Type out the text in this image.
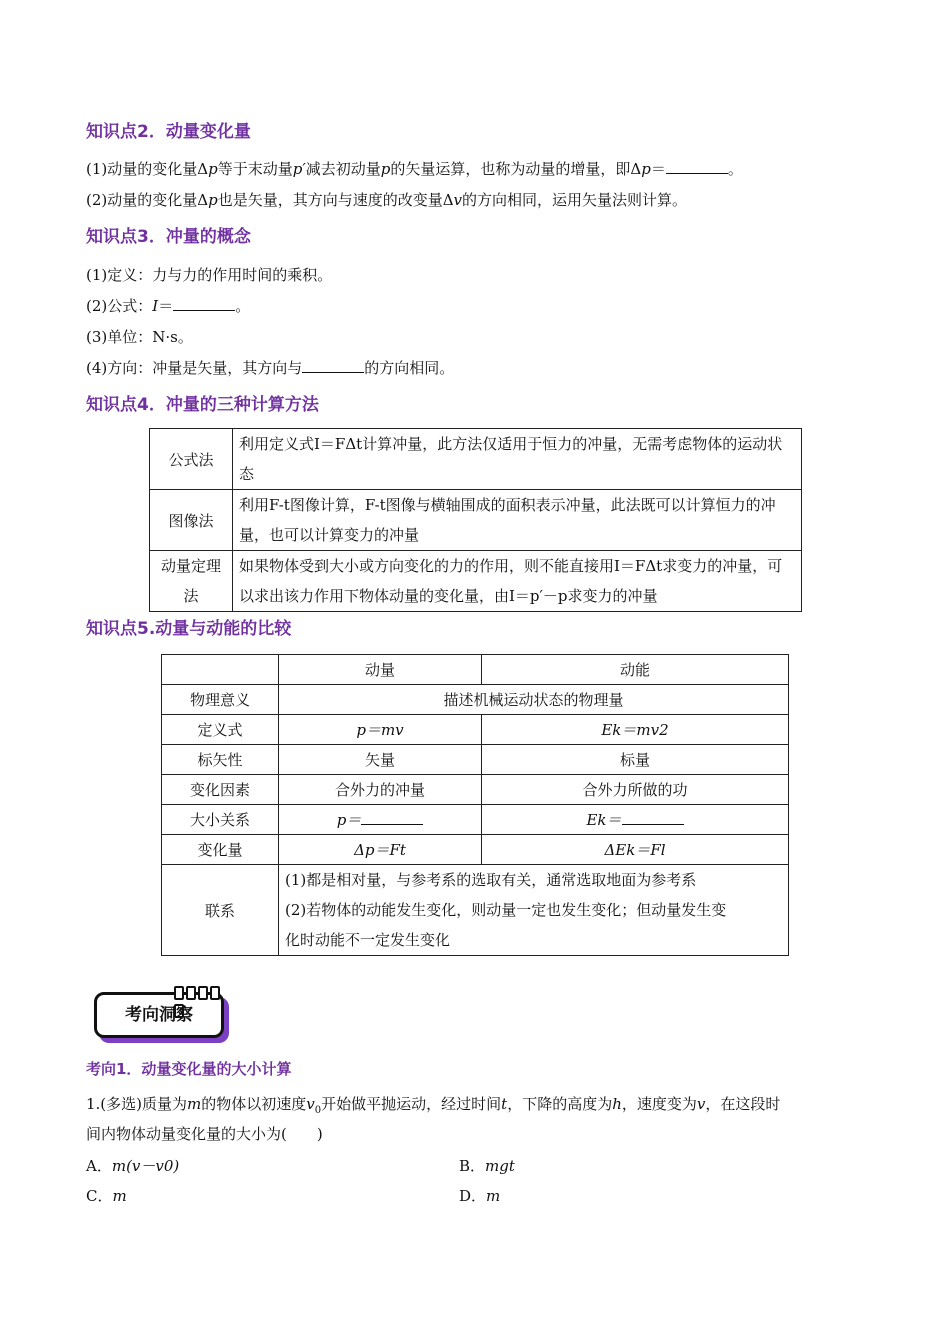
知识点2．动量变化量
(1)动量的变化量Δp等于末动量p′减去初动量p的矢量运算，也称为动量的增量，即Δp＝	。
(2)动量的变化量Δp也是矢量，其方向与速度的改变量Δv的方向相同，运用矢量法则计算。
知识点3．冲量的概念
(1)定义：力与力的作用时间的乘积。
(2)公式：I＝	。
(3)单位：N·s。
(4)方向：冲量是矢量，其方向与	的方向相同。
知识点4．冲量的三种计算方法
公式法	利用定义式I＝FΔt计算冲量，此方法仅适用于恒力的冲量，无需考虑物体的运动状态
图像法	利用F-t图像计算，F-t图像与横轴围成的面积表示冲量，此法既可以计算恒力的冲量，也可以计算变力的冲量
动量定理法	如果物体受到大小或方向变化的力的作用，则不能直接用I＝FΔt求变力的冲量，可以求出该力作用下物体动量的变化量，由I＝p′－p求变力的冲量
知识点5.动量与动能的比较
	动量	动能
物理意义	描述机械运动状态的物理量	
定义式	p＝mv	Ek＝mv2
标矢性	矢量	标量
变化因素	合外力的冲量	合外力所做的功
大小关系	p＝	Ek＝
变化量	Δp＝Ft	ΔEk＝Fl
联系	(1)都是相对量，与参考系的选取有关，通常选取地面为参考系
(2)若物体的动能发生变化，则动量一定也发生变化；但动量发生变
化时动能不一定发生变化	
考向洞察
考向1．动量变化量的大小计算
1.(多选)质量为m的物体以初速度$v_0$开始做平抛运动，经过时间t，下降的高度为h，速度变为v，在这段时
间内物体动量变化量的大小为(　　)
A．m(v－v0)	B．mgt
C．m	D．m
